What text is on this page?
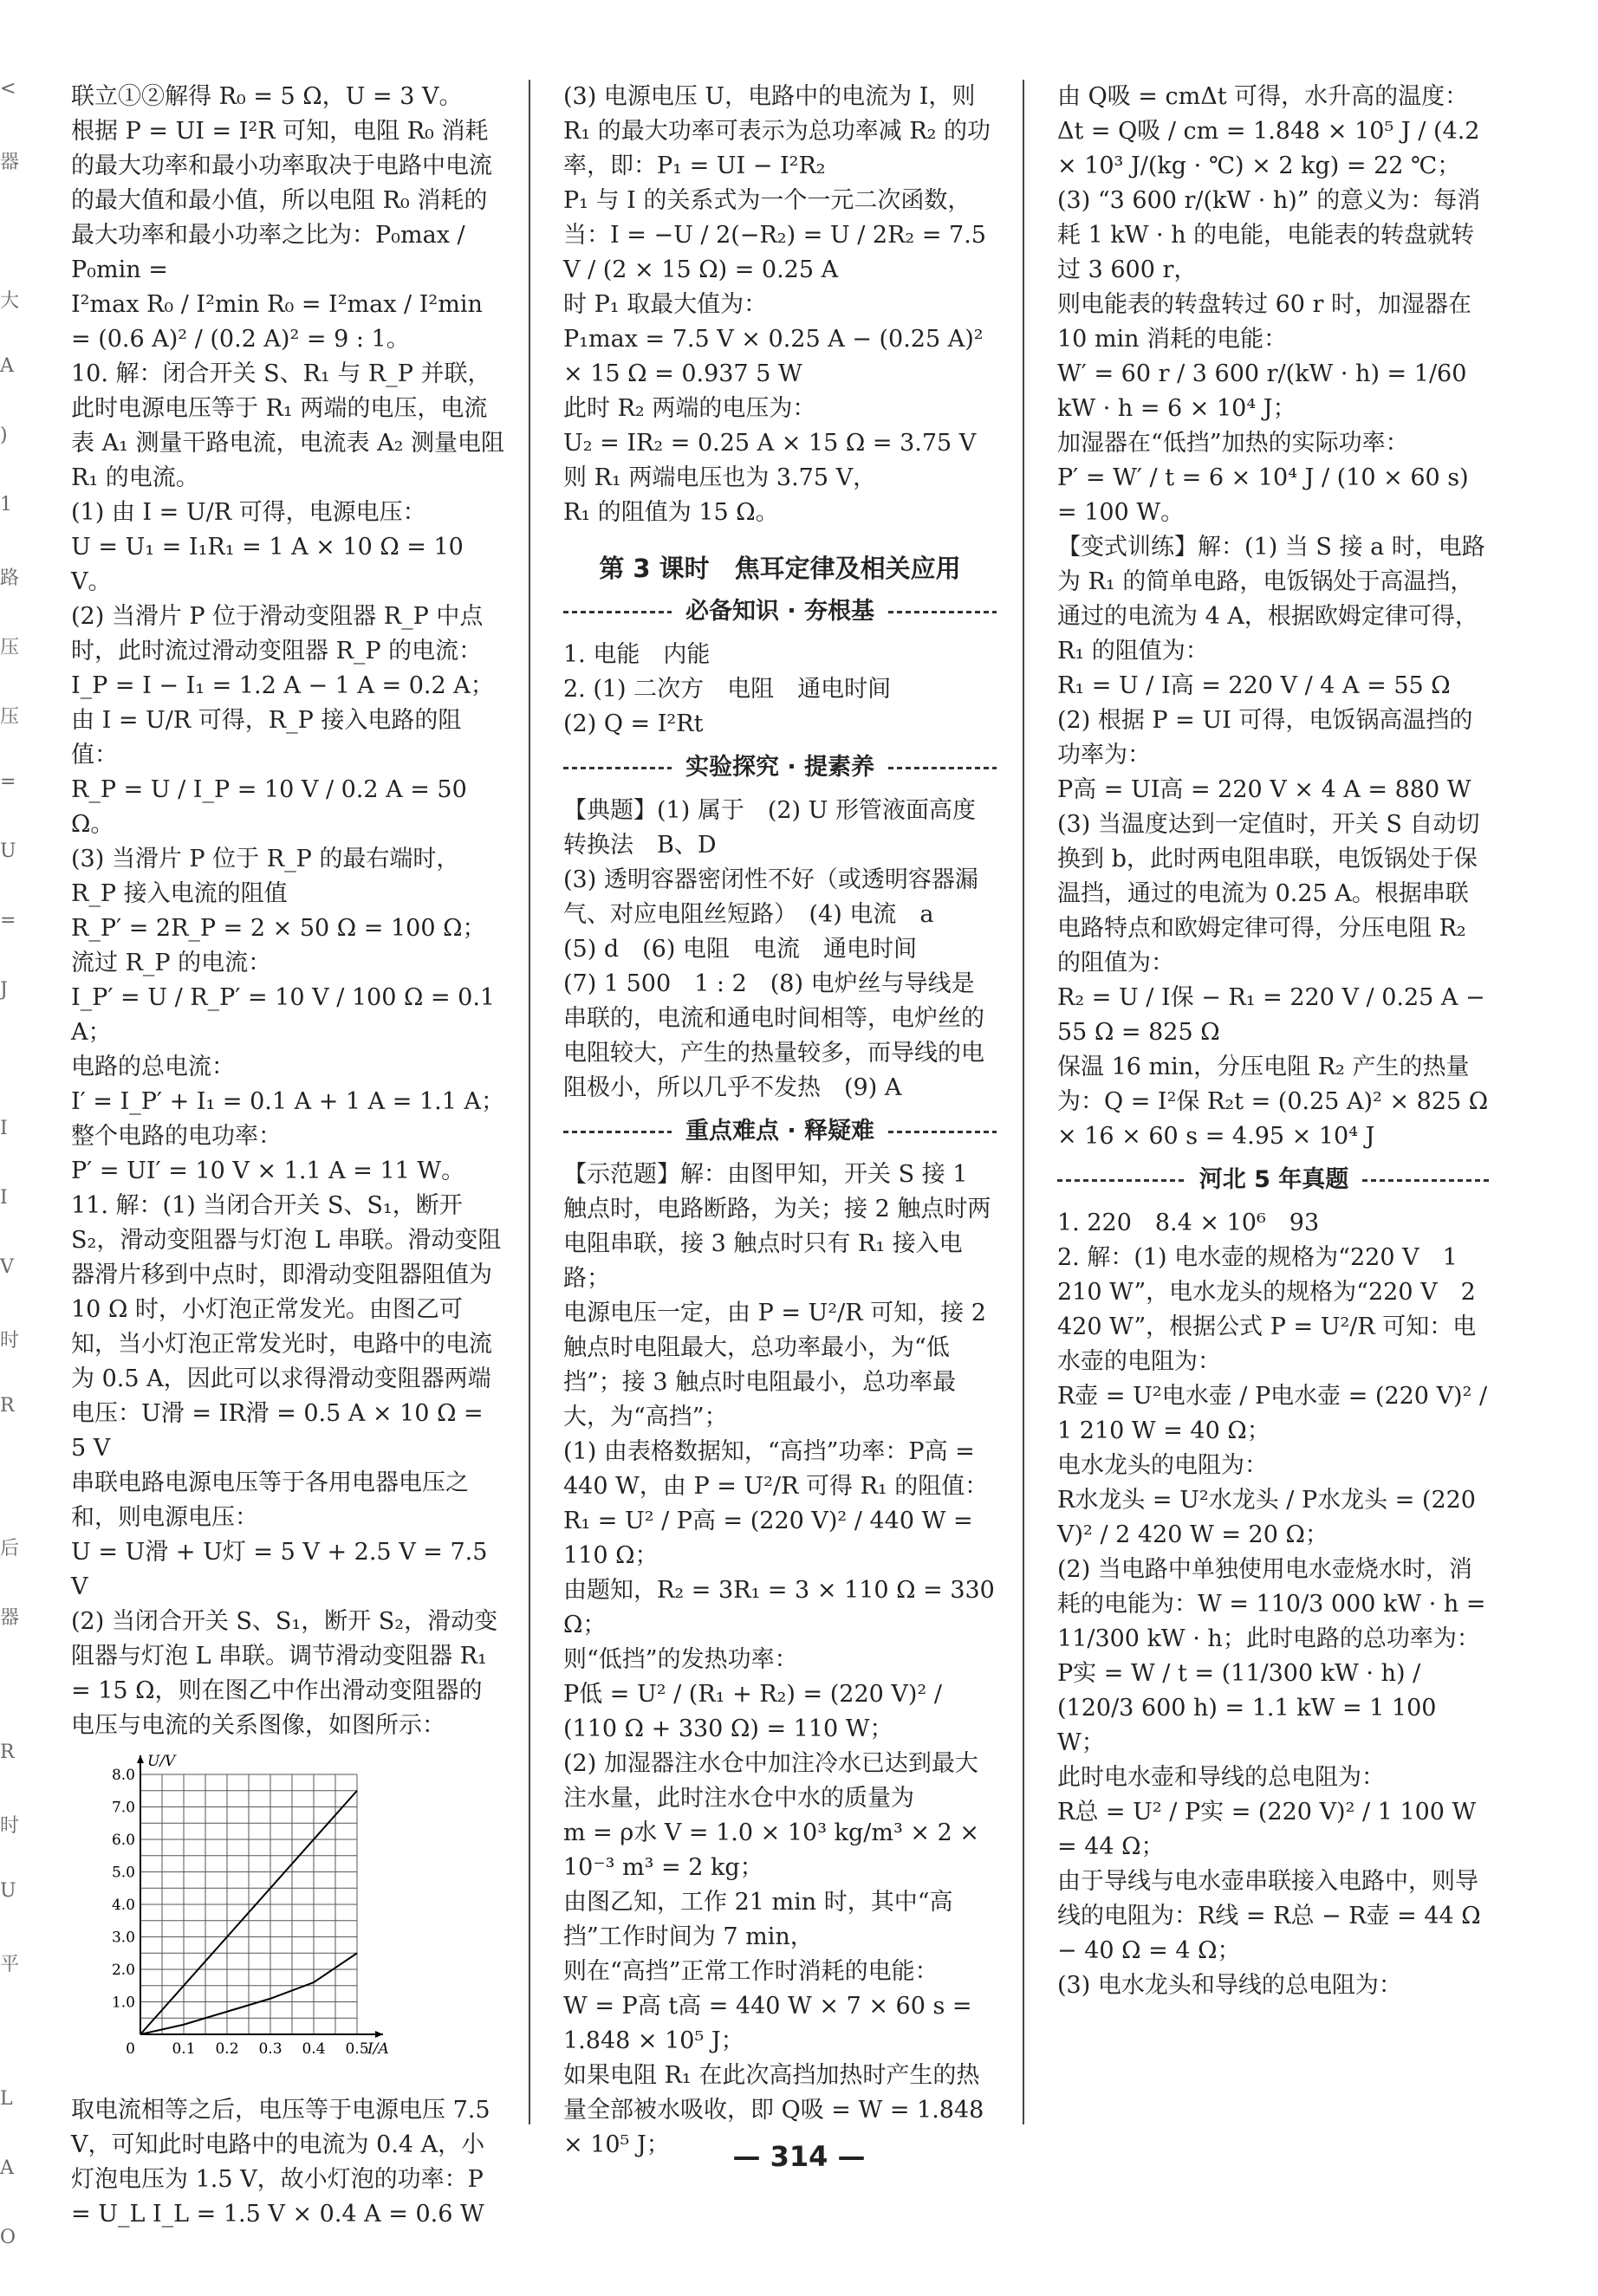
<
器
大
A
)
1
路
压
压
=
U
=
J
I
I
V
时
R
后
器
R
时
U
平
L
A
O

联立①②解得 R₀ = 5 Ω，U = 3 V。

根据 P = UI = I²R 可知，电阻 R₀ 消耗的最大功率和最小功率取决于电路中电流的最大值和最小值，所以电阻 R₀ 消耗的最大功率和最小功率之比为：P₀max / P₀min =

I²max R₀ / I²min R₀ = I²max / I²min = (0.6 A)² / (0.2 A)² = 9 : 1。

10. 解：闭合开关 S、R₁ 与 R_P 并联，此时电源电压等于 R₁ 两端的电压，电流表 A₁ 测量干路电流，电流表 A₂ 测量电阻 R₁ 的电流。

(1) 由 I = U/R 可得，电源电压：

U = U₁ = I₁R₁ = 1 A × 10 Ω = 10 V。

(2) 当滑片 P 位于滑动变阻器 R_P 中点时，此时流过滑动变阻器 R_P 的电流：

I_P = I − I₁ = 1.2 A − 1 A = 0.2 A；

由 I = U/R 可得，R_P 接入电路的阻值：

R_P = U / I_P = 10 V / 0.2 A = 50 Ω。

(3) 当滑片 P 位于 R_P 的最右端时，R_P 接入电流的阻值

R_P′ = 2R_P = 2 × 50 Ω = 100 Ω；

流过 R_P 的电流：

I_P′ = U / R_P′ = 10 V / 100 Ω = 0.1 A；

电路的总电流：

I′ = I_P′ + I₁ = 0.1 A + 1 A = 1.1 A；

整个电路的电功率：

P′ = UI′ = 10 V × 1.1 A = 11 W。

11. 解：(1) 当闭合开关 S、S₁，断开 S₂，滑动变阻器与灯泡 L 串联。滑动变阻器滑片移到中点时，即滑动变阻器阻值为 10 Ω 时，小灯泡正常发光。由图乙可知，当小灯泡正常发光时，电路中的电流为 0.5 A，因此可以求得滑动变阻器两端电压：U滑 = IR滑 = 0.5 A × 10 Ω = 5 V

串联电路电源电压等于各用电器电压之和，则电源电压：

U = U滑 + U灯 = 5 V + 2.5 V = 7.5 V

(2) 当闭合开关 S、S₁，断开 S₂，滑动变阻器与灯泡 L 串联。调节滑动变阻器 R₁ = 15 Ω，则在图乙中作出滑动变阻器的电压与电流的关系图像，如图所示：

0.1 0.2 0.3 0.4 0.5
1.0
2.0
3.0
4.0
5.0
6.0
7.0
8.0
0	I/A
U/V

取电流相等之后，电压等于电源电压 7.5 V，可知此时电路中的电流为 0.4 A，小灯泡电压为 1.5 V，故小灯泡的功率：P = U_L I_L = 1.5 V × 0.4 A = 0.6 W

(3) 电源电压 U，电路中的电流为 I，则 R₁ 的最大功率可表示为总功率减 R₂ 的功率，即：P₁ = UI − I²R₂

P₁ 与 I 的关系式为一个一元二次函数，当：I = −U / 2(−R₂) = U / 2R₂ = 7.5 V / (2 × 15 Ω) = 0.25 A

时 P₁ 取最大值为：

P₁max = 7.5 V × 0.25 A − (0.25 A)² × 15 Ω = 0.937 5 W

此时 R₂ 两端的电压为：

U₂ = IR₂ = 0.25 A × 15 Ω = 3.75 V

则 R₁ 两端电压也为 3.75 V，

R₁ 的阻值为 15 Ω。

第 3 课时　焦耳定律及相关应用

必备知识 · 夯根基

1. 电能　内能

2. (1) 二次方　电阻　通电时间

(2) Q = I²Rt

实验探究 · 提素养

【典题】(1) 属于　(2) U 形管液面高度　转换法　B、D

(3) 透明容器密闭性不好（或透明容器漏气、对应电阻丝短路）　(4) 电流　a

(5) d　(6) 电阻　电流　通电时间

(7) 1 500　1 : 2　(8) 电炉丝与导线是串联的，电流和通电时间相等，电炉丝的电阻较大，产生的热量较多，而导线的电阻极小，所以几乎不发热　(9) A

重点难点 · 释疑难

【示范题】解：由图甲知，开关 S 接 1 触点时，电路断路，为关；接 2 触点时两电阻串联，接 3 触点时只有 R₁ 接入电路；

电源电压一定，由 P = U²/R 可知，接 2 触点时电阻最大，总功率最小，为“低挡”；接 3 触点时电阻最小，总功率最大，为“高挡”；

(1) 由表格数据知，“高挡”功率：P高 = 440 W，由 P = U²/R 可得 R₁ 的阻值：

R₁ = U² / P高 = (220 V)² / 440 W = 110 Ω；

由题知，R₂ = 3R₁ = 3 × 110 Ω = 330 Ω；

则“低挡”的发热功率：

P低 = U² / (R₁ + R₂) = (220 V)² / (110 Ω + 330 Ω) = 110 W；

(2) 加湿器注水仓中加注冷水已达到最大注水量，此时注水仓中水的质量为

m = ρ水 V = 1.0 × 10³ kg/m³ × 2 × 10⁻³ m³ = 2 kg；

由图乙知，工作 21 min 时，其中“高挡”工作时间为 7 min，

则在“高挡”正常工作时消耗的电能：

W = P高 t高 = 440 W × 7 × 60 s = 1.848 × 10⁵ J；

如果电阻 R₁ 在此次高挡加热时产生的热量全部被水吸收，即 Q吸 = W = 1.848 × 10⁵ J；

由 Q吸 = cmΔt 可得，水升高的温度：

Δt = Q吸 / cm = 1.848 × 10⁵ J / (4.2 × 10³ J/(kg · ℃) × 2 kg) = 22 ℃；

(3) “3 600 r/(kW · h)” 的意义为：每消耗 1 kW · h 的电能，电能表的转盘就转过 3 600 r，

则电能表的转盘转过 60 r 时，加湿器在 10 min 消耗的电能：

W′ = 60 r / 3 600 r/(kW · h) = 1/60 kW · h = 6 × 10⁴ J；

加湿器在“低挡”加热的实际功率：

P′ = W′ / t = 6 × 10⁴ J / (10 × 60 s) = 100 W。

【变式训练】解：(1) 当 S 接 a 时，电路为 R₁ 的简单电路，电饭锅处于高温挡，通过的电流为 4 A，根据欧姆定律可得，R₁ 的阻值为：

R₁ = U / I高 = 220 V / 4 A = 55 Ω

(2) 根据 P = UI 可得，电饭锅高温挡的功率为：

P高 = UI高 = 220 V × 4 A = 880 W

(3) 当温度达到一定值时，开关 S 自动切换到 b，此时两电阻串联，电饭锅处于保温挡，通过的电流为 0.25 A。根据串联电路特点和欧姆定律可得，分压电阻 R₂ 的阻值为：

R₂ = U / I保 − R₁ = 220 V / 0.25 A − 55 Ω = 825 Ω

保温 16 min，分压电阻 R₂ 产生的热量为：Q = I²保 R₂t = (0.25 A)² × 825 Ω × 16 × 60 s = 4.95 × 10⁴ J

河北 5 年真题

1. 220　8.4 × 10⁶　93

2. 解：(1) 电水壶的规格为“220 V　1 210 W”，电水龙头的规格为“220 V　2 420 W”，根据公式 P = U²/R 可知：电水壶的电阻为：

R壶 = U²电水壶 / P电水壶 = (220 V)² / 1 210 W = 40 Ω；

电水龙头的电阻为：

R水龙头 = U²水龙头 / P水龙头 = (220 V)² / 2 420 W = 20 Ω；

(2) 当电路中单独使用电水壶烧水时，消耗的电能为：W = 110/3 000 kW · h = 11/300 kW · h；此时电路的总功率为：

P实 = W / t = (11/300 kW · h) / (120/3 600 h) = 1.1 kW = 1 100 W；

此时电水壶和导线的总电阻为：

R总 = U² / P实 = (220 V)² / 1 100 W = 44 Ω；

由于导线与电水壶串联接入电路中，则导线的电阻为：R线 = R总 − R壶 = 44 Ω − 40 Ω = 4 Ω；

(3) 电水龙头和导线的总电阻为：

— 314 —
